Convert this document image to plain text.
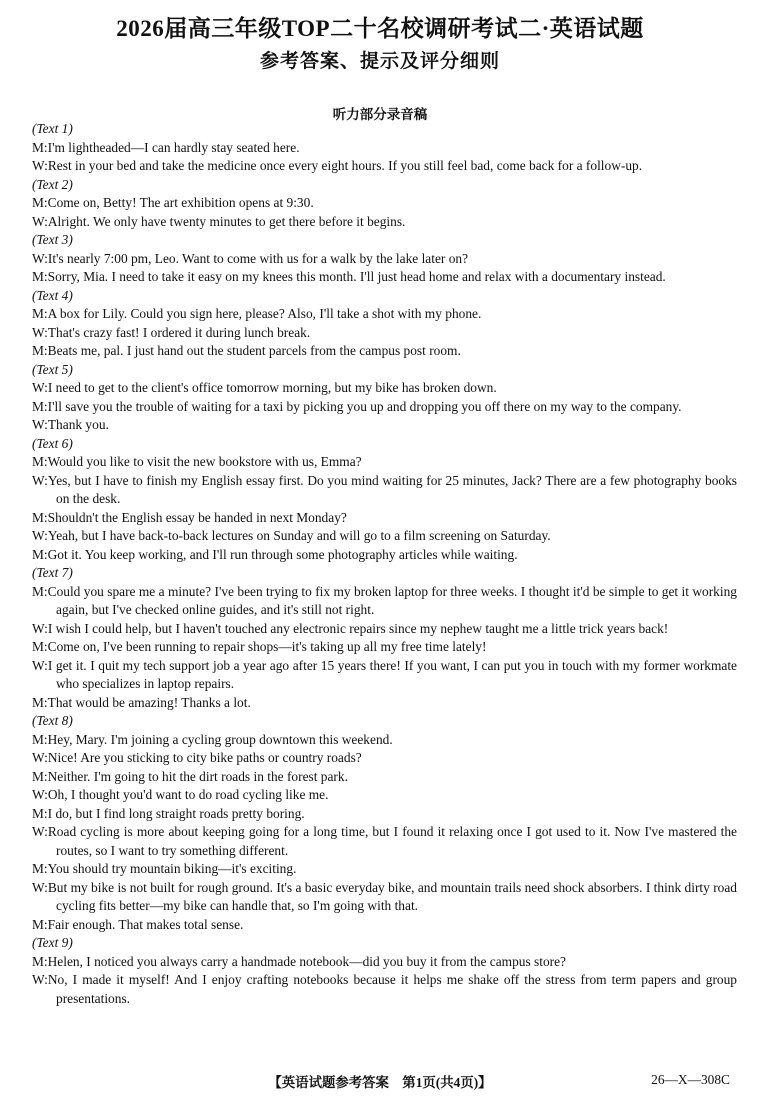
2026届高三年级TOP二十名校调研考试二·英语试题
参考答案、提示及评分细则
听力部分录音稿
(Text 1)
M:I'm lightheaded—I can hardly stay seated here.
W:Rest in your bed and take the medicine once every eight hours. If you still feel bad, come back for a follow-up.
(Text 2)
M:Come on, Betty! The art exhibition opens at 9:30.
W:Alright. We only have twenty minutes to get there before it begins.
(Text 3)
W:It's nearly 7:00 pm, Leo. Want to come with us for a walk by the lake later on?
M:Sorry, Mia. I need to take it easy on my knees this month. I'll just head home and relax with a documentary instead.
(Text 4)
M:A box for Lily. Could you sign here, please? Also, I'll take a shot with my phone.
W:That's crazy fast! I ordered it during lunch break.
M:Beats me, pal. I just hand out the student parcels from the campus post room.
(Text 5)
W:I need to get to the client's office tomorrow morning, but my bike has broken down.
M:I'll save you the trouble of waiting for a taxi by picking you up and dropping you off there on my way to the company.
W:Thank you.
(Text 6)
M:Would you like to visit the new bookstore with us, Emma?
W:Yes, but I have to finish my English essay first. Do you mind waiting for 25 minutes, Jack? There are a few photography books on the desk.
M:Shouldn't the English essay be handed in next Monday?
W:Yeah, but I have back-to-back lectures on Sunday and will go to a film screening on Saturday.
M:Got it. You keep working, and I'll run through some photography articles while waiting.
(Text 7)
M:Could you spare me a minute? I've been trying to fix my broken laptop for three weeks. I thought it'd be simple to get it working again, but I've checked online guides, and it's still not right.
W:I wish I could help, but I haven't touched any electronic repairs since my nephew taught me a little trick years back!
M:Come on, I've been running to repair shops—it's taking up all my free time lately!
W:I get it. I quit my tech support job a year ago after 15 years there! If you want, I can put you in touch with my former workmate who specializes in laptop repairs.
M:That would be amazing! Thanks a lot.
(Text 8)
M:Hey, Mary. I'm joining a cycling group downtown this weekend.
W:Nice! Are you sticking to city bike paths or country roads?
M:Neither. I'm going to hit the dirt roads in the forest park.
W:Oh, I thought you'd want to do road cycling like me.
M:I do, but I find long straight roads pretty boring.
W:Road cycling is more about keeping going for a long time, but I found it relaxing once I got used to it. Now I've mastered the routes, so I want to try something different.
M:You should try mountain biking—it's exciting.
W:But my bike is not built for rough ground. It's a basic everyday bike, and mountain trails need shock absorbers. I think dirty road cycling fits better—my bike can handle that, so I'm going with that.
M:Fair enough. That makes total sense.
(Text 9)
M:Helen, I noticed you always carry a handmade notebook—did you buy it from the campus store?
W:No, I made it myself! And I enjoy crafting notebooks because it helps me shake off the stress from term papers and group presentations.
【英语试题参考答案　第1页(共4页)】	26—X—308C
